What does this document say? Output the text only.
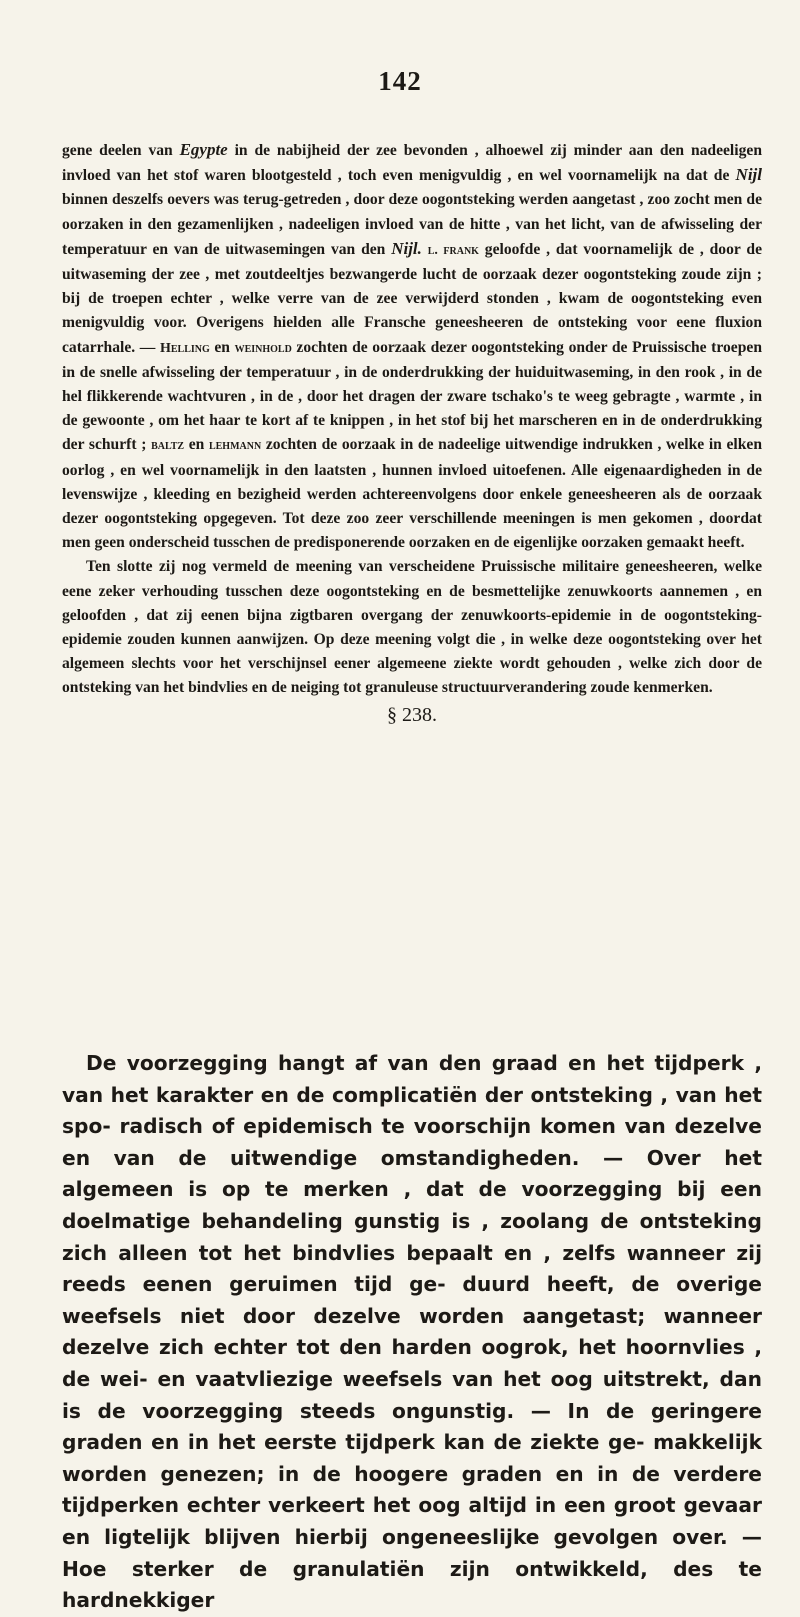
142

gene deelen van Egypte in de nabijheid der zee bevonden , alhoewel zij minder aan den nadeeligen invloed van het stof waren blootgesteld , toch even menigvuldig , en wel voornamelijk na dat de Nijl binnen deszelfs oevers was terug-getreden , door deze oogontsteking werden aangetast , zoo zocht men de oorzaken in den gezamenlijken , nadeeligen invloed van de hitte , van het licht, van de afwisseling der temperatuur en van de uitwasemingen van den Nijl. l. frank geloofde , dat voornamelijk de , door de uitwaseming der zee , met zoutdeeltjes bezwangerde lucht de oorzaak dezer oogontsteking zoude zijn ; bij de troepen echter , welke verre van de zee verwijderd stonden , kwam de oogontsteking even menigvuldig voor. Overigens hielden alle Fransche geneesheeren de ontsteking voor eene fluxion catarrhale. — Helling en weinhold zochten de oorzaak dezer oogontsteking onder de Pruissische troepen in de snelle afwisseling der temperatuur , in de onderdrukking der huiduitwaseming, in den rook , in de hel flikkerende wachtvuren , in de , door het dragen der zware tschako's te weeg gebragte , warmte , in de gewoonte , om het haar te kort af te knippen , in het stof bij het marscheren en in de onderdrukking der schurft ; baltz en lehmann zochten de oorzaak in de nadeelige uitwendige indrukken , welke in elken oorlog , en wel voornamelijk in den laatsten , hunnen invloed uitoefenen. Alle eigenaardigheden in de levenswijze , kleeding en bezigheid werden achtereenvolgens door enkele geneesheeren als de oorzaak dezer oogontsteking opgegeven. Tot deze zoo zeer verschillende meeningen is men gekomen , doordat men geen onderscheid tusschen de predisponerende oorzaken en de eigenlijke oorzaken gemaakt heeft.

Ten slotte zij nog vermeld de meening van verscheidene Pruissische militaire geneesheeren, welke eene zeker verhouding tusschen deze oogontsteking en de besmettelijke zenuwkoorts aannemen , en geloofden , dat zij eenen bijna zigtbaren overgang der zenuwkoorts-epidemie in de oogontsteking-epidemie zouden kunnen aanwijzen. Op deze meening volgt die , in welke deze oogontsteking over het algemeen slechts voor het verschijnsel eener algemeene ziekte wordt gehouden , welke zich door de ontsteking van het bindvlies en de neiging tot granuleuse structuurverandering zoude kenmerken.

§ 238.

De voorzegging hangt af van den graad en het tijdperk , van het karakter en de complicatiën der ontsteking , van het spo- radisch of epidemisch te voorschijn komen van dezelve en van de uitwendige omstandigheden. — Over het algemeen is op te merken , dat de voorzegging bij een doelmatige behandeling gunstig is , zoolang de ontsteking zich alleen tot het bindvlies bepaalt en , zelfs wanneer zij reeds eenen geruimen tijd ge- duurd heeft, de overige weefsels niet door dezelve worden aangetast; wanneer dezelve zich echter tot den harden oogrok, het hoornvlies , de wei- en vaatvliezige weefsels van het oog uitstrekt, dan is de voorzegging steeds ongunstig. — In de geringere graden en in het eerste tijdperk kan de ziekte ge- makkelijk worden genezen; in de hoogere graden en in de verdere tijdperken echter verkeert het oog altijd in een groot gevaar en ligtelijk blijven hierbij ongeneeslijke gevolgen over. — Hoe sterker de granulatiën zijn ontwikkeld, des te hardnekkiger
